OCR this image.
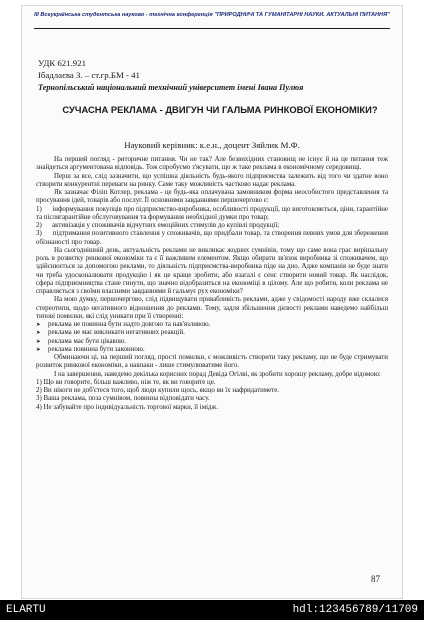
III Всеукраїнська студентська науково - технічна конференція "ПРИРОДНИЧІ ТА ГУМАНІТАРНІ НАУКИ. АКТУАЛЬНІ ПИТАННЯ"
УДК 621.921
Ібадлаєва З. – ст.гр.БМ - 41
Тернопільський національний технічний університет імені Івана Пулюя
СУЧАСНА РЕКЛАМА - ДВИГУН ЧИ ГАЛЬМА РИНКОВОЇ ЕКОНОМІКИ?
Науковий керівник: к.е.н., доцент Зяйлик М.Ф.

На перший погляд - риторичне питання. Чи не так? Але безвихідних становищ не існує й на це питання теж знайдеться аргументована відповідь. Тож спробуємо з'ясувати, що ж таке реклама в економічному середовищі.

Перш за все, слід зазначити, що успішна діяльність будь-якого підприємства залежить від того чи здатне воно створити конкурентні переваги на ринку. Саме таку можливість частково надає реклама.

Як зазначає Філіп Котлер, реклама - це будь-яка оплачувана замовником форма неособистого представлення та просування ідей, товарів або послуг. Її основними завданнями першочергово є:

1)      інформування покупців про підприємство-виробника, особливості продукції, що виготовляється, ціни, гарантійне та післягарантійне обслуговування та формування необхідної думки про товар;

2)      активізація у споживачів відчутних емоційних стимулів до купівлі продукції;

3)      підтримання позитивного ставлення у споживачів, що придбали товар, та створення певних умов для збереження обізнаності про товар.

На сьогоднішній день, актуальність реклами не викликає жодних сумнівів, тому що саме вона грає вирішальну роль в розвитку ринкової економіки та є її важливим елементом. Якщо обирати зв'язок виробника зі споживачем, що здійснюється за допомогою реклами, то діяльність підприємства-виробника піде на дно. Адже компанія не буде знати чи треба удосконалювати продукцію і як це краще зробити, або взагалі є сенс створити новий товар. Як наслідок, сфера підприємництва стане гинути, що значно відобразиться на економіці в цілому. Але що робити, коли реклама не справляється з своїми власними завданнями й гальмує рух економіки?

На мою думку, першочергово, слід підвищувати привабливість реклами, адже у свідомості народу вже склалися стереотипи, щодо негативного відношення до реклами. Тому, задля збільшення дієвості реклами наведемо найбільш типові помилки, які слід уникати при її створенні:

➤	реклама не повинна бути надто довгою та нав'язливою.
➤	реклама не має викликати негативних реакцій.
➤	реклама має бути цікавою.
➤	реклама повинна бути законною.

Обминаючи ці, на перший погляд, прості помилки, є можливість створити таку рекламу, що не буде стримувати розвиток ринкової економіки, а навпаки - лише стимулюватиме його.

І на завершення, наведемо декілька корисних порад Девіда Огілві, як зробити хорошу рекламу, добре відомою:

1) Що ви говорите, більш важливо, ніж те, як ви говорите це.

2) Ви нікоги не доб'єтеся того, щоб люди купили щось, якщо ви їх нафридатимете.

3) Ваша реклама, поза сумнівом, повинна відповідати часу.

4) Не забувайте про індивідуальність торгової марки, її імідж.

87
ELARTU	hdl:123456789/11709
